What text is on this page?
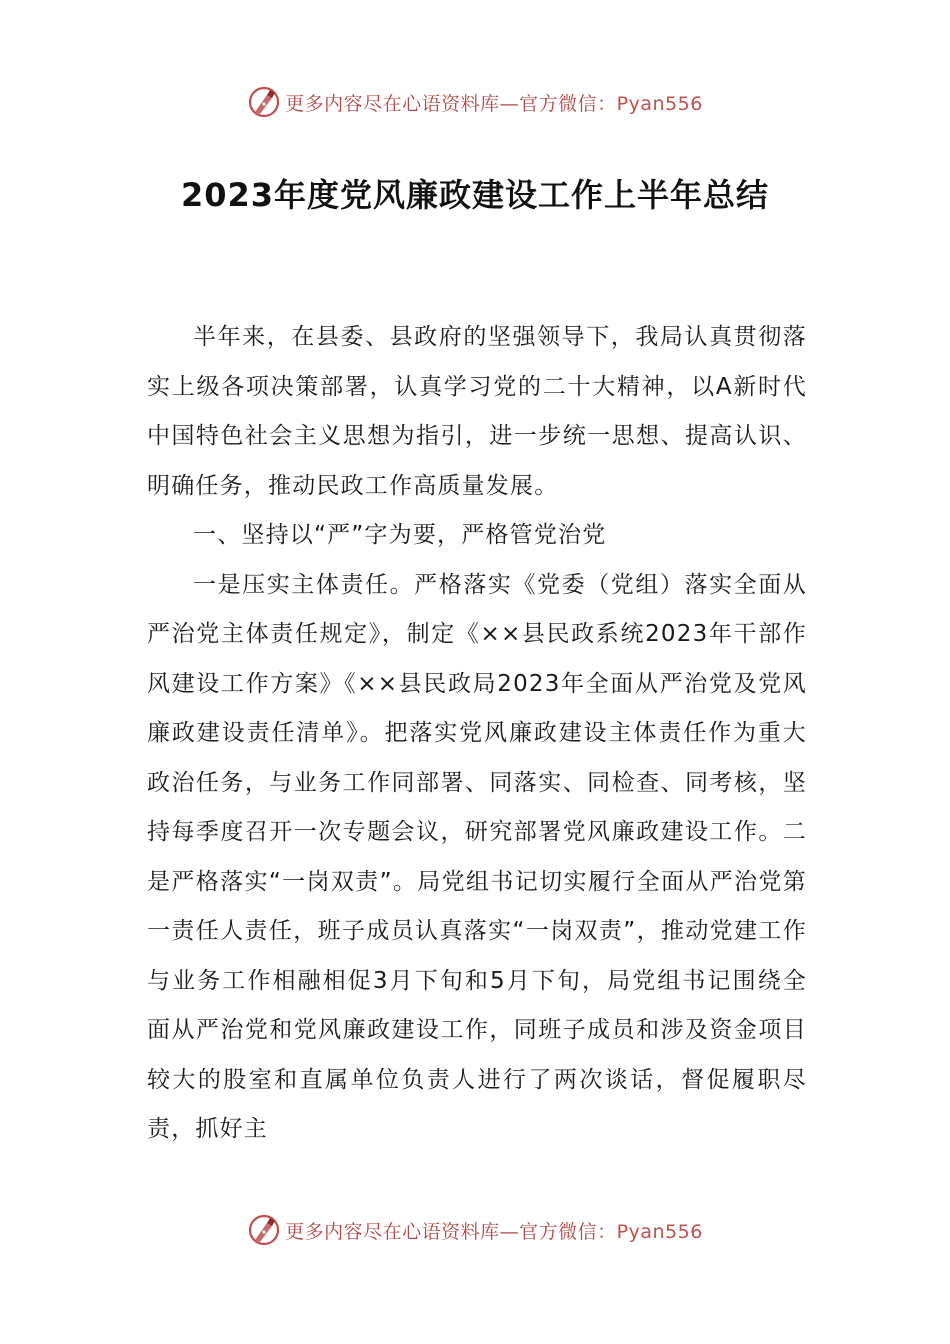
更多内容尽在心语资料库—官方微信：Pyan556
2023年度党风廉政建设工作上半年总结

半年来，在县委、县政府的坚强领导下，我局认真贯彻落实上级各项决策部署，认真学习党的二十大精神，以A新时代中国特色社会主义思想为指引，进一步统一思想、提高认识、明确任务，推动民政工作高质量发展。

一、坚持以“严”字为要，严格管党治党

一是压实主体责任。严格落实《党委（党组）落实全面从严治党主体责任规定》，制定《××县民政系统2023年干部作风建设工作方案》《××县民政局2023年全面从严治党及党风廉政建设责任清单》。把落实党风廉政建设主体责任作为重大政治任务，与业务工作同部署、同落实、同检查、同考核，坚持每季度召开一次专题会议，研究部署党风廉政建设工作。二是严格落实“一岗双责”。局党组书记切实履行全面从严治党第一责任人责任，班子成员认真落实“一岗双责”，推动党建工作与业务工作相融相促3月下旬和5月下旬，局党组书记围绕全面从严治党和党风廉政建设工作，同班子成员和涉及资金项目较大的股室和直属单位负责人进行了两次谈话，督促履职尽责，抓好主

更多内容尽在心语资料库—官方微信：Pyan556
